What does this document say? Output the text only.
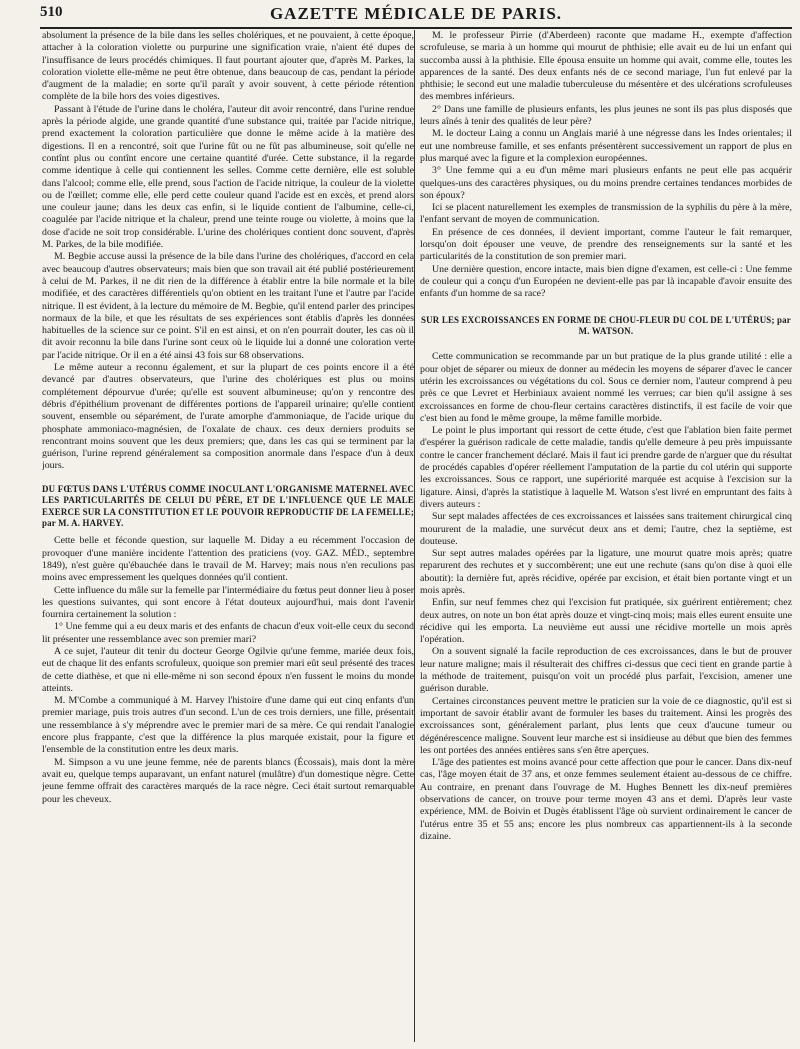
510	GAZETTE MÉDICALE DE PARIS.

absolument la présence de la bile dans les selles cholériques, et ne pouvaient, à cette époque, attacher à la coloration violette ou purpurine une signification vraie, n'aient été dupes de l'insuffisance de leurs procédés chimiques. Il faut pourtant ajouter que, d'après M. Parkes, la coloration violette elle-même ne peut être obtenue, dans beaucoup de cas, pendant la période d'augment de la maladie; en sorte qu'il paraît y avoir souvent, à cette période rétention complète de la bile hors des voies digestives.

Passant à l'étude de l'urine dans le choléra, l'auteur dit avoir rencontré, dans l'urine rendue après la période algide, une grande quantité d'une substance qui, traitée par l'acide nitrique, prend exactement la coloration particulière que donne le même acide à la matière des digestions. Il en a rencontré, soit que l'urine fût ou ne fût pas albumineuse, soit qu'elle ne contînt plus ou contînt encore une certaine quantité d'urée. Cette substance, il la regarde comme identique à celle qui contiennent les selles. Comme cette dernière, elle est soluble dans l'alcool; comme elle, elle prend, sous l'action de l'acide nitrique, la couleur de la violette ou de l'œillet; comme elle, elle perd cette couleur quand l'acide est en excès, et prend alors une couleur jaune; dans les deux cas enfin, si le liquide contient de l'albumine, celle-ci, coagulée par l'acide nitrique et la chaleur, prend une teinte rouge ou violette, à moins que la dose d'acide ne soit trop considérable. L'urine des cholériques contient donc souvent, d'après M. Parkes, de la bile modifiée.

M. Begbie accuse aussi la présence de la bile dans l'urine des cholériques, d'accord en cela avec beaucoup d'autres observateurs; mais bien que son travail ait été publié postérieurement à celui de M. Parkes, il ne dit rien de la différence à établir entre la bile normale et la bile modifiée, et des caractères différentiels qu'on obtient en les traitant l'une et l'autre par l'acide nitrique. Il est évident, à la lecture du mémoire de M. Begbie, qu'il entend parler des principes normaux de la bile, et que les résultats de ses expériences sont établis d'après les données habituelles de la science sur ce point. S'il en est ainsi, et on n'en pourrait douter, les cas où il dit avoir reconnu la bile dans l'urine sont ceux où le liquide lui a donné une coloration verte par l'acide nitrique. Or il en a été ainsi 43 fois sur 68 observations.

Le même auteur a reconnu également, et sur la plupart de ces points encore il a été devancé par d'autres observateurs, que l'urine des cholériques est plus ou moins complétement dépourvue d'urée; qu'elle est souvent albumineuse; qu'on y rencontre des débris d'épithélium provenant de différentes portions de l'appareil urinaire; qu'elle contient souvent, ensemble ou séparément, de l'urate amorphe d'ammoniaque, de l'acide urique du phosphate ammoniaco-magnésien, de l'oxalate de chaux. ces deux derniers produits se rencontrant moins souvent que les deux premiers; que, dans les cas qui se terminent par la guérison, l'urine reprend généralement sa composition anormale dans l'espace d'un à deux jours.

DU FŒTUS DANS L'UTÉRUS COMME INOCULANT L'ORGANISME MATERNEL AVEC LES PARTICULARITÉS DE CELUI DU PÈRE, ET DE L'INFLUENCE QUE LE MALE EXERCE SUR LA CONSTITUTION ET LE POUVOIR REPRODUCTIF DE LA FEMELLE; par M. A. HARVEY.

Cette belle et féconde question, sur laquelle M. Diday a eu récemment l'occasion de provoquer d'une manière incidente l'attention des praticiens (voy. GAZ. MÉD., septembre 1849), n'est guère qu'ébauchée dans le travail de M. Harvey; mais nous n'en reculions pas moins avec empressement les quelques données qu'il contient.

Cette influence du mâle sur la femelle par l'intermédiaire du fœtus peut donner lieu à poser les questions suivantes, qui sont encore à l'état douteux aujourd'hui, mais dont l'avenir fournira certainement la solution :

1° Une femme qui a eu deux maris et des enfants de chacun d'eux voit-elle ceux du second lit présenter une ressemblance avec son premier mari?

A ce sujet, l'auteur dit tenir du docteur George Ogilvie qu'une femme, mariée deux fois, eut de chaque lit des enfants scrofuleux, quoique son premier mari eût seul présenté des traces de cette diathèse, et que ni elle-même ni son second époux n'en fussent le moins du monde atteints.

M. M'Combe a communiqué à M. Harvey l'histoire d'une dame qui eut cinq enfants d'un premier mariage, puis trois autres d'un second. L'un de ces trois derniers, une fille, présentait une ressemblance à s'y méprendre avec le premier mari de sa mère. Ce qui rendait l'analogie encore plus frappante, c'est que la différence la plus marquée existait, pour la figure et l'ensemble de la constitution entre les deux maris.

M. Simpson a vu une jeune femme, née de parents blancs (Écossais), mais dont la mère avait eu, quelque temps auparavant, un enfant naturel (mulâtre) d'un domestique nègre. Cette jeune femme offrait des caractères marqués de la race nègre. Ceci était surtout remarquable pour les cheveux.

M. le professeur Pirrie (d'Aberdeen) raconte que madame H., exempte d'affection scrofuleuse, se maria à un homme qui mourut de phthisie; elle avait eu de lui un enfant qui succomba aussi à la phthisie. Elle épousa ensuite un homme qui avait, comme elle, toutes les apparences de la santé. Des deux enfants nés de ce second mariage, l'un fut enlevé par la phthisie; le second eut une maladie tuberculeuse du mésentère et des ulcérations scrofuleuses des membres inférieurs.

2° Dans une famille de plusieurs enfants, les plus jeunes ne sont ils pas plus disposés que leurs aînés à tenir des qualités de leur père?

M. le docteur Laing a connu un Anglais marié à une négresse dans les Indes orientales; il eut une nombreuse famille, et ses enfants présentèrent successivement un rapport de plus en plus marqué avec la figure et la complexion européennes.

3° Une femme qui a eu d'un même mari plusieurs enfants ne peut elle pas acquérir quelques-uns des caractères physiques, ou du moins prendre certaines tendances morbides de son époux?

Ici se placent naturellement les exemples de transmission de la syphilis du père à la mère, l'enfant servant de moyen de communication.

En présence de ces données, il devient important, comme l'auteur le fait remarquer, lorsqu'on doit épouser une veuve, de prendre des renseignements sur la santé et les particularités de la constitution de son premier mari.

Une dernière question, encore intacte, mais bien digne d'examen, est celle-ci : Une femme de couleur qui a conçu d'un Européen ne devient-elle pas par là incapable d'avoir ensuite des enfants d'un homme de sa race?

SUR LES EXCROISSANCES EN FORME DE CHOU-FLEUR DU COL DE L'UTÉRUS; par M. WATSON.

Cette communication se recommande par un but pratique de la plus grande utilité : elle a pour objet de séparer ou mieux de donner au médecin les moyens de séparer d'avec le cancer utérin les excroissances ou végétations du col. Sous ce dernier nom, l'auteur comprend à peu près ce que Levret et Herbiniaux avaient nommé les verrues; car bien qu'il assigne à ses excroissances en forme de chou-fleur certains caractères distinctifs, il est facile de voir que c'est bien au fond le même groupe, la même famille morbide.

Le point le plus important qui ressort de cette étude, c'est que l'ablation bien faite permet d'espérer la guérison radicale de cette maladie, tandis qu'elle demeure à peu près impuissante contre le cancer franchement déclaré. Mais il faut ici prendre garde de n'arguer que du résultat de procédés capables d'opérer réellement l'amputation de la partie du col utérin qui supporte les excroissances. Sous ce rapport, une supériorité marquée est acquise à l'excision sur la ligature. Ainsi, d'après la statistique à laquelle M. Watson s'est livré en empruntant des faits à divers auteurs :

Sur sept malades affectées de ces excroissances et laissées sans traitement chirurgical cinq moururent de la maladie, une survécut deux ans et demi; l'autre, chez la septième, est douteuse.

Sur sept autres malades opérées par la ligature, une mourut quatre mois après; quatre reparurent des rechutes et y succombèrent; une eut une rechute (sans qu'on dise à quoi elle aboutit): la dernière fut, après récidive, opérée par excision, et était bien portante vingt et un mois après.

Enfin, sur neuf femmes chez qui l'excision fut pratiquée, six guérirent entièrement; chez deux autres, on note un bon état après douze et vingt-cinq mois; mais elles eurent ensuite une récidive qui les emporta. La neuvième eut aussi une récidive mortelle un mois après l'opération.

On a souvent signalé la facile reproduction de ces excroissances, dans le but de prouver leur nature maligne; mais il résulterait des chiffres ci-dessus que ceci tient en grande partie à la méthode de traitement, puisqu'on voit un procédé plus parfait, l'excision, amener une guérison durable.

Certaines circonstances peuvent mettre le praticien sur la voie de ce diagnostic, qu'il est si important de savoir établir avant de formuler les bases du traitement. Ainsi les progrès des excroissances sont, généralement parlant, plus lents que ceux d'aucune tumeur ou dégénérescence maligne. Souvent leur marche est si insidieuse au début que bien des femmes les ont portées des années entières sans s'en être aperçues.

L'âge des patientes est moins avancé pour cette affection que pour le cancer. Dans dix-neuf cas, l'âge moyen était de 37 ans, et onze femmes seulement étaient au-dessous de ce chiffre. Au contraire, en prenant dans l'ouvrage de M. Hughes Bennett les dix-neuf premières observations de cancer, on trouve pour terme moyen 43 ans et demi. D'après leur vaste expérience, MM. de Boivin et Dugès établissent l'âge où survient ordinairement le cancer de l'utérus entre 35 et 55 ans; encore les plus nombreux cas appartiennent-ils à la seconde dizaine.
